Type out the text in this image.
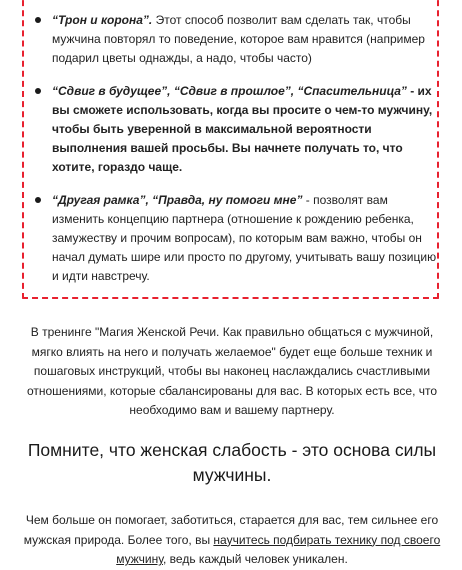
“Трон и корона”. Этот способ позволит вам сделать так, чтобы мужчина повторял то поведение, которое вам нравится (например подарил цветы однажды, а надо, чтобы часто)
“Сдвиг в будущее”, “Сдвиг в прошлое”, “Спасительница” - их вы сможете использовать, когда вы просите о чем-то мужчину, чтобы быть уверенной в максимальной вероятности выполнения вашей просьбы. Вы начнете получать то, что хотите, гораздо чаще.
“Другая рамка”, “Правда, ну помоги мне” - позволят вам изменить концепцию партнера (отношение к рождению ребенка, замужеству и прочим вопросам), по которым вам важно, чтобы он начал думать шире или просто по другому, учитывать вашу позицию и идти навстречу.

В тренинге "Магия Женской Речи. Как правильно общаться с мужчиной, мягко влиять на него и получать желаемое" будет еще больше техник и пошаговых инструкций, чтобы вы наконец наслаждались счастливыми отношениями, которые сбалансированы для вас. В которых есть все, что необходимо вам и вашему партнеру.

Помните, что женская слабость - это основа силы мужчины.

Чем больше он помогает, заботиться, старается для вас, тем сильнее его мужская природа. Более того, вы научитесь подбирать технику под своего мужчину, ведь каждый человек уникален.
